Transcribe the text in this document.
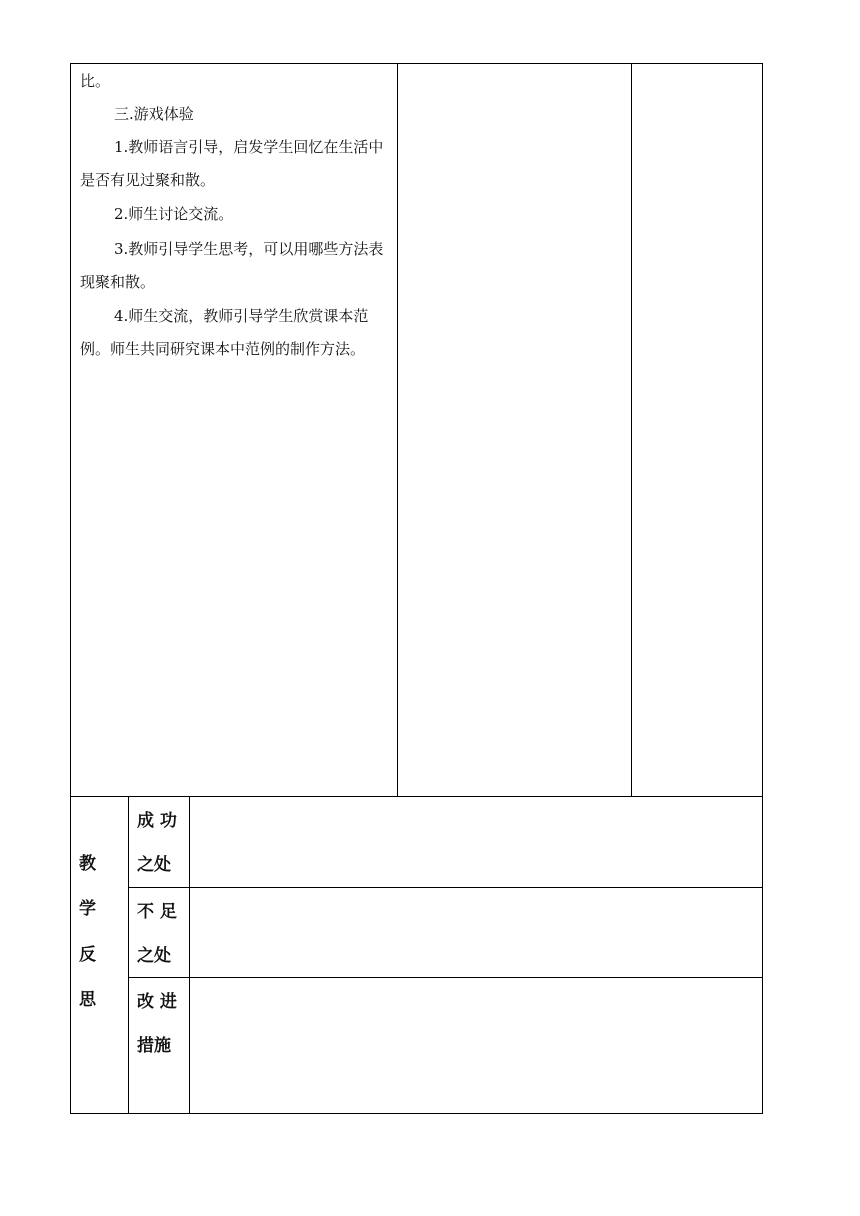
比。

三.游戏体验

1.教师语言引导，启发学生回忆在生活中是否有见过聚和散。

2.师生讨论交流。

3.教师引导学生思考，可以用哪些方法表现聚和散。

4.师生交流，教师引导学生欣赏课本范例。师生共同研究课本中范例的制作方法。

教

学

反

思

成 功 之处

不 足 之处

改 进 措施
